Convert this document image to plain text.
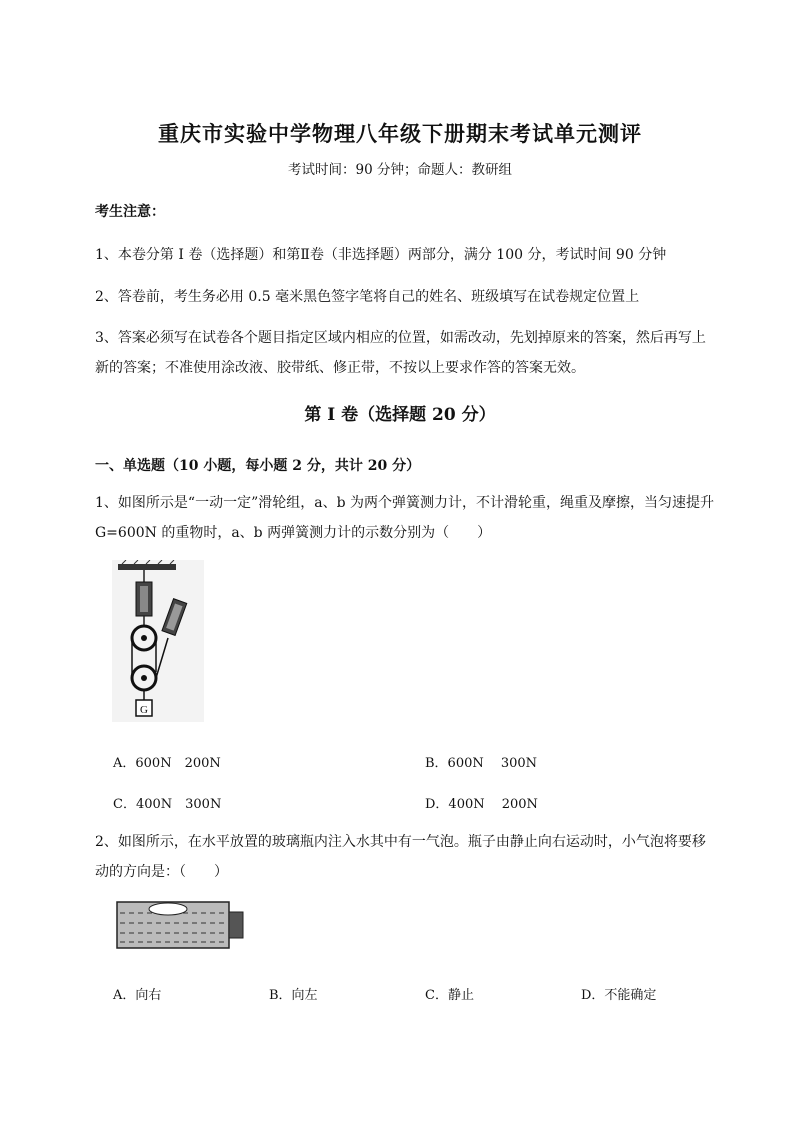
重庆市实验中学物理八年级下册期末考试单元测评
考试时间：90 分钟；命题人：教研组
考生注意：
1、本卷分第 I 卷（选择题）和第Ⅱ卷（非选择题）两部分，满分 100 分，考试时间 90 分钟
2、答卷前，考生务必用 0.5 毫米黑色签字笔将自己的姓名、班级填写在试卷规定位置上
3、答案必须写在试卷各个题目指定区域内相应的位置，如需改动，先划掉原来的答案，然后再写上新的答案；不准使用涂改液、胶带纸、修正带，不按以上要求作答的答案无效。
第 I 卷（选择题 20 分）
一、单选题（10 小题，每小题 2 分，共计 20 分）
1、如图所示是“一动一定”滑轮组，a、b 为两个弹簧测力计，不计滑轮重，绳重及摩擦，当匀速提升 G=600N 的重物时，a、b 两弹簧测力计的示数分别为（　　）
G
A．600N　200N	B．600N　 300N
C．400N　300N	D．400N　 200N
2、如图所示，在水平放置的玻璃瓶内注入水其中有一气泡。瓶子由静止向右运动时，小气泡将要移动的方向是：（　　）
A．向右	B．向左	C．静止	D．不能确定
